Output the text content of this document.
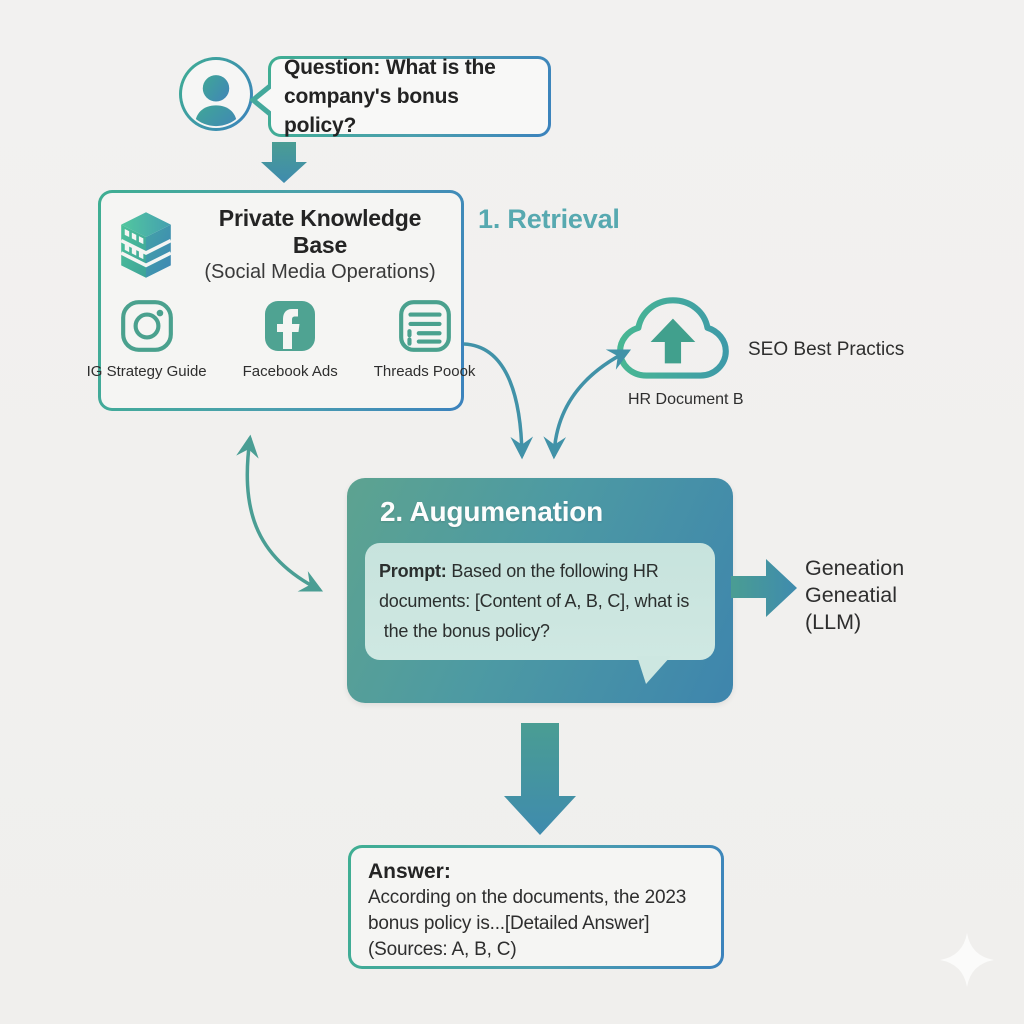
Question: What is the company's bonus policy?

Private Knowledge Base
(Social Media Operations)
IG Strategy Guide Facebook Ads Threads Poook
1. Retrieval
SEO Best Practics
HR Document B
2. Augumenation
Prompt: Based on the following HR
documents: [Content of A, B, C], what is
the the bonus policy?
Geneation
Geneatial
(LLM)
Answer:
According on the documents, the 2023
bonus policy is...[Detailed Answer]
(Sources: A, B, C)
